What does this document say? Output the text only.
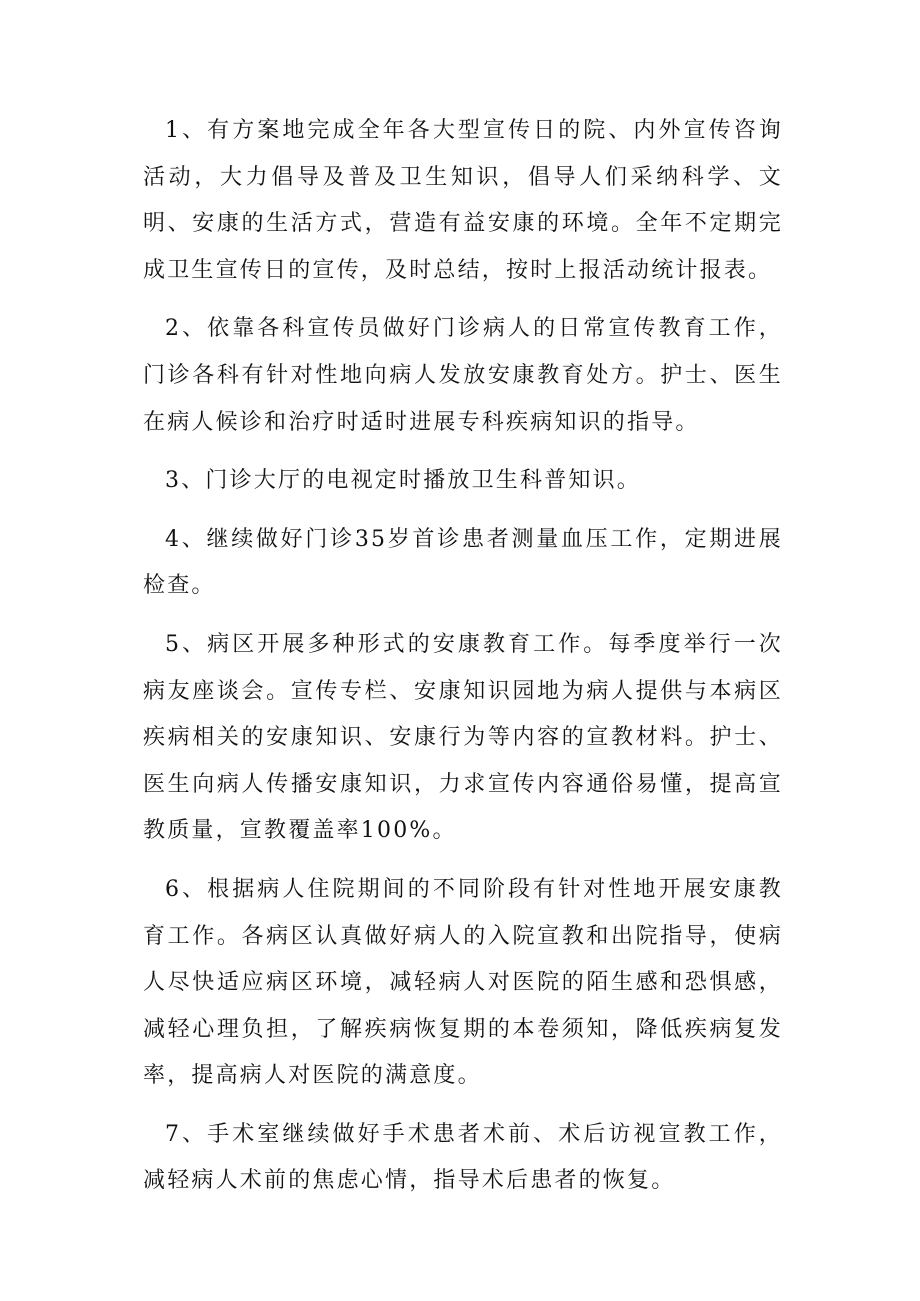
1、有方案地完成全年各大型宣传日的院、内外宣传咨询活动，大力倡导及普及卫生知识，倡导人们采纳科学、文明、安康的生活方式，营造有益安康的环境。全年不定期完成卫生宣传日的宣传，及时总结，按时上报活动统计报表。

2、依靠各科宣传员做好门诊病人的日常宣传教育工作，门诊各科有针对性地向病人发放安康教育处方。护士、医生在病人候诊和治疗时适时进展专科疾病知识的指导。

3、门诊大厅的电视定时播放卫生科普知识。

4、继续做好门诊35岁首诊患者测量血压工作，定期进展检查。

5、病区开展多种形式的安康教育工作。每季度举行一次病友座谈会。宣传专栏、安康知识园地为病人提供与本病区疾病相关的安康知识、安康行为等内容的宣教材料。护士、医生向病人传播安康知识，力求宣传内容通俗易懂，提高宣教质量，宣教覆盖率100%。

6、根据病人住院期间的不同阶段有针对性地开展安康教育工作。各病区认真做好病人的入院宣教和出院指导，使病人尽快适应病区环境，减轻病人对医院的陌生感和恐惧感，减轻心理负担，了解疾病恢复期的本卷须知，降低疾病复发率，提高病人对医院的满意度。

7、手术室继续做好手术患者术前、术后访视宣教工作，减轻病人术前的焦虑心情，指导术后患者的恢复。
